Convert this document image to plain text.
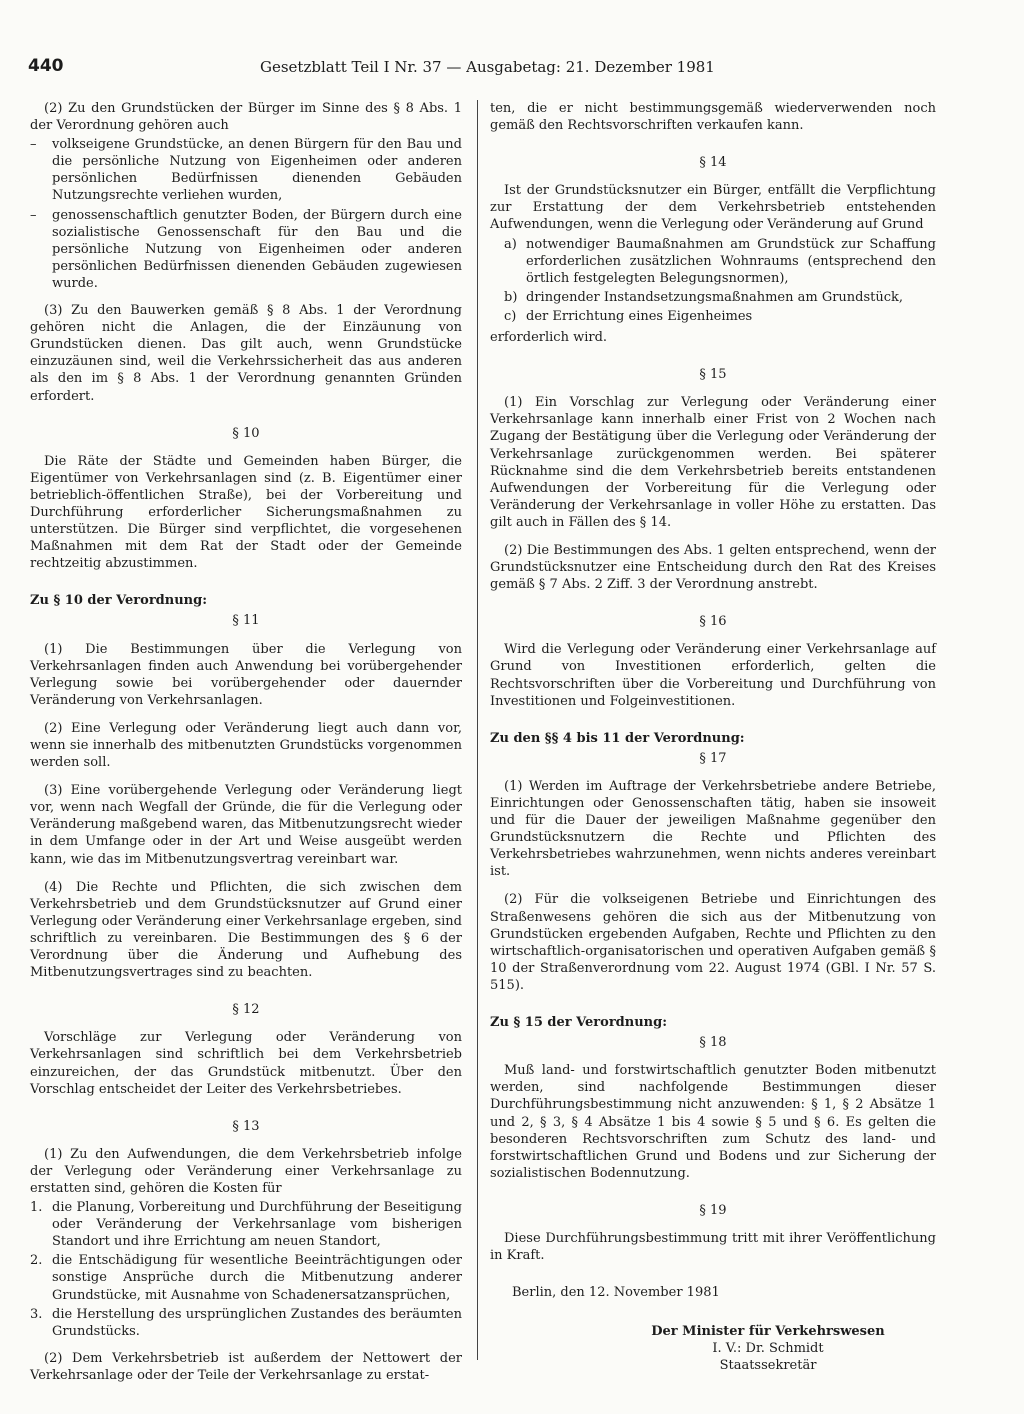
440	Gesetzblatt Teil I Nr. 37 — Ausgabetag: 21. Dezember 1981

(2) Zu den Grundstücken der Bürger im Sinne des § 8 Abs. 1 der Verordnung gehören auch

–	volkseigene Grundstücke, an denen Bürgern für den Bau und die persönliche Nutzung von Eigenheimen oder anderen persönlichen Bedürfnissen dienenden Gebäuden Nutzungsrechte verliehen wurden,
–	genossenschaftlich genutzter Boden, der Bürgern durch eine sozialistische Genossenschaft für den Bau und die persönliche Nutzung von Eigenheimen oder anderen persönlichen Bedürfnissen dienenden Gebäuden zugewiesen wurde.

(3) Zu den Bauwerken gemäß § 8 Abs. 1 der Verordnung gehören nicht die Anlagen, die der Einzäunung von Grundstücken dienen. Das gilt auch, wenn Grundstücke einzuzäunen sind, weil die Verkehrssicherheit das aus anderen als den im § 8 Abs. 1 der Verordnung genannten Gründen erfordert.

§ 10

Die Räte der Städte und Gemeinden haben Bürger, die Eigentümer von Verkehrsanlagen sind (z. B. Eigentümer einer betrieblich-öffentlichen Straße), bei der Vorbereitung und Durchführung erforderlicher Sicherungsmaßnahmen zu unterstützen. Die Bürger sind verpflichtet, die vorgesehenen Maßnahmen mit dem Rat der Stadt oder der Gemeinde rechtzeitig abzustimmen.

Zu § 10 der Verordnung:

§ 11

(1) Die Bestimmungen über die Verlegung von Verkehrsanlagen finden auch Anwendung bei vorübergehender Verlegung sowie bei vorübergehender oder dauernder Veränderung von Verkehrsanlagen.

(2) Eine Verlegung oder Veränderung liegt auch dann vor, wenn sie innerhalb des mitbenutzten Grundstücks vorgenommen werden soll.

(3) Eine vorübergehende Verlegung oder Veränderung liegt vor, wenn nach Wegfall der Gründe, die für die Verlegung oder Veränderung maßgebend waren, das Mitbenutzungsrecht wieder in dem Umfange oder in der Art und Weise ausgeübt werden kann, wie das im Mitbenutzungsvertrag vereinbart war.

(4) Die Rechte und Pflichten, die sich zwischen dem Verkehrsbetrieb und dem Grundstücksnutzer auf Grund einer Verlegung oder Veränderung einer Verkehrsanlage ergeben, sind schriftlich zu vereinbaren. Die Bestimmungen des § 6 der Verordnung über die Änderung und Aufhebung des Mitbenutzungsvertrages sind zu beachten.

§ 12

Vorschläge zur Verlegung oder Veränderung von Verkehrsanlagen sind schriftlich bei dem Verkehrsbetrieb einzureichen, der das Grundstück mitbenutzt. Über den Vorschlag entscheidet der Leiter des Verkehrsbetriebes.

§ 13

(1) Zu den Aufwendungen, die dem Verkehrsbetrieb infolge der Verlegung oder Veränderung einer Verkehrsanlage zu erstatten sind, gehören die Kosten für

1. die Planung, Vorbereitung und Durchführung der Beseitigung oder Veränderung der Verkehrsanlage vom bisherigen Standort und ihre Errichtung am neuen Standort,
2. die Entschädigung für wesentliche Beeinträchtigungen oder sonstige Ansprüche durch die Mitbenutzung anderer Grundstücke, mit Ausnahme von Schadenersatzansprüchen,
3. die Herstellung des ursprünglichen Zustandes des beräumten Grundstücks.

(2) Dem Verkehrsbetrieb ist außerdem der Nettowert der Verkehrsanlage oder der Teile der Verkehrsanlage zu erstat-

ten, die er nicht bestimmungsgemäß wiederverwenden noch gemäß den Rechtsvorschriften verkaufen kann.

§ 14

Ist der Grundstücksnutzer ein Bürger, entfällt die Verpflichtung zur Erstattung der dem Verkehrsbetrieb entstehenden Aufwendungen, wenn die Verlegung oder Veränderung auf Grund

a) notwendiger Baumaßnahmen am Grundstück zur Schaffung erforderlichen zusätzlichen Wohnraums (entsprechend den örtlich festgelegten Belegungsnormen),
b) dringender Instandsetzungsmaßnahmen am Grundstück,
c) der Errichtung eines Eigenheimes

erforderlich wird.

§ 15

(1) Ein Vorschlag zur Verlegung oder Veränderung einer Verkehrsanlage kann innerhalb einer Frist von 2 Wochen nach Zugang der Bestätigung über die Verlegung oder Veränderung der Verkehrsanlage zurückgenommen werden. Bei späterer Rücknahme sind die dem Verkehrsbetrieb bereits entstandenen Aufwendungen der Vorbereitung für die Verlegung oder Veränderung der Verkehrsanlage in voller Höhe zu erstatten. Das gilt auch in Fällen des § 14.

(2) Die Bestimmungen des Abs. 1 gelten entsprechend, wenn der Grundstücksnutzer eine Entscheidung durch den Rat des Kreises gemäß § 7 Abs. 2 Ziff. 3 der Verordnung anstrebt.

§ 16

Wird die Verlegung oder Veränderung einer Verkehrsanlage auf Grund von Investitionen erforderlich, gelten die Rechtsvorschriften über die Vorbereitung und Durchführung von Investitionen und Folgeinvestitionen.

Zu den §§ 4 bis 11 der Verordnung:

§ 17

(1) Werden im Auftrage der Verkehrsbetriebe andere Betriebe, Einrichtungen oder Genossenschaften tätig, haben sie insoweit und für die Dauer der jeweiligen Maßnahme gegenüber den Grundstücksnutzern die Rechte und Pflichten des Verkehrsbetriebes wahrzunehmen, wenn nichts anderes vereinbart ist.

(2) Für die volkseigenen Betriebe und Einrichtungen des Straßenwesens gehören die sich aus der Mitbenutzung von Grundstücken ergebenden Aufgaben, Rechte und Pflichten zu den wirtschaftlich-organisatorischen und operativen Aufgaben gemäß § 10 der Straßenverordnung vom 22. August 1974 (GBl. I Nr. 57 S. 515).

Zu § 15 der Verordnung:

§ 18

Muß land- und forstwirtschaftlich genutzter Boden mitbenutzt werden, sind nachfolgende Bestimmungen dieser Durchführungsbestimmung nicht anzuwenden: § 1, § 2 Absätze 1 und 2, § 3, § 4 Absätze 1 bis 4 sowie § 5 und § 6. Es gelten die besonderen Rechtsvorschriften zum Schutz des land- und forstwirtschaftlichen Grund und Bodens und zur Sicherung der sozialistischen Bodennutzung.

§ 19

Diese Durchführungsbestimmung tritt mit ihrer Veröffentlichung in Kraft.

Berlin, den 12. November 1981

Der Minister für Verkehrswesen

I. V.: Dr. Schmidt

Staatssekretär
